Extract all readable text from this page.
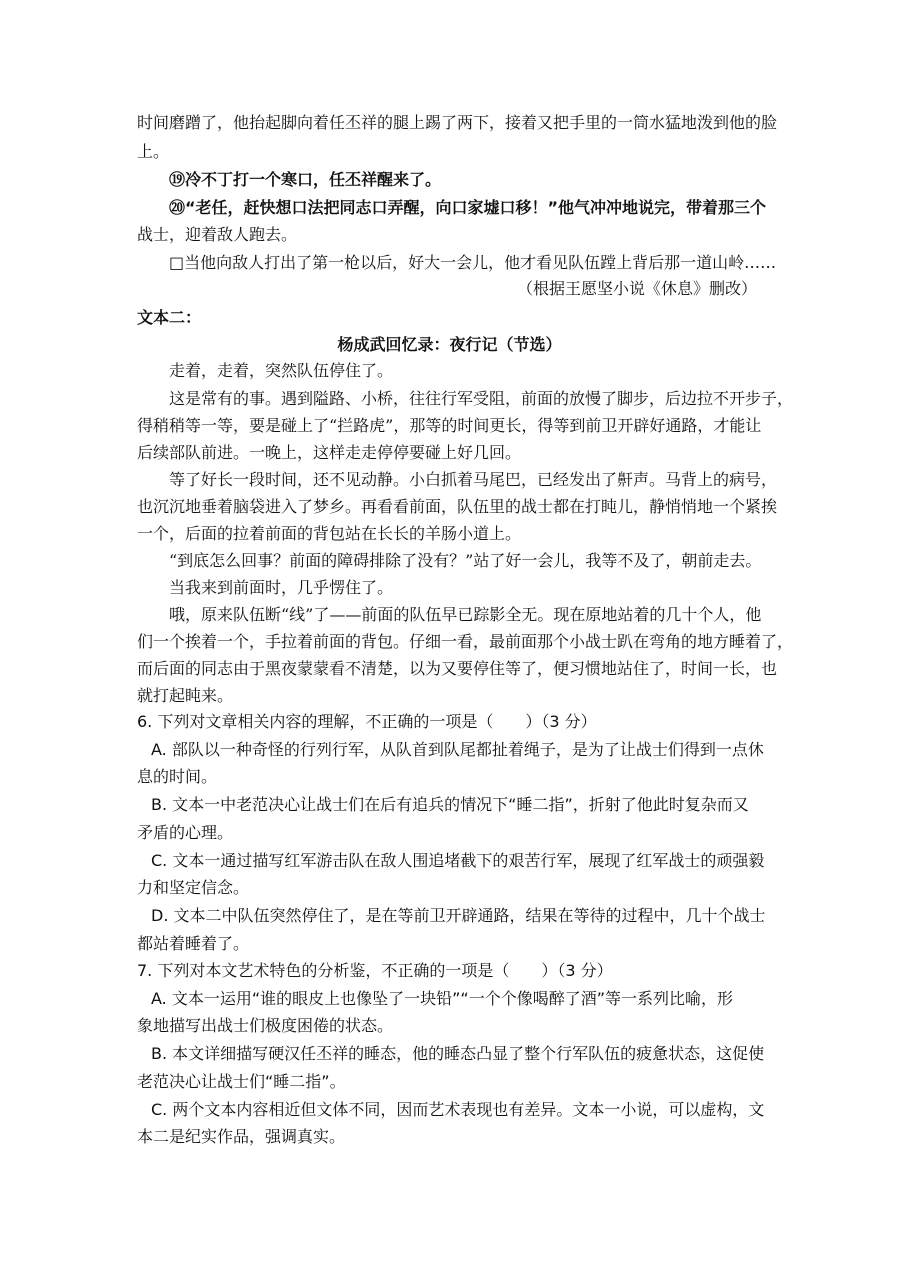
时间磨蹭了，他抬起脚向着任丕祥的腿上踢了两下，接着又把手里的一筒水猛地泼到他的脸
上。
⑲冷不丁打一个寒口，任丕祥醒来了。
⑳“老任，赶快想口法把同志口弄醒，向口家墟口移！”他气冲冲地说完，带着那三个
战士，迎着敌人跑去。
□当他向敌人打出了第一枪以后，好大一会儿，他才看见队伍蹚上背后那一道山岭……
（根据王愿坚小说《休息》删改）
文本二：
杨成武回忆录：夜行记（节选）
走着，走着，突然队伍停住了。
这是常有的事。遇到隘路、小桥，往往行军受阻，前面的放慢了脚步，后边拉不开步子，
得稍稍等一等，要是碰上了“拦路虎”，那等的时间更长，得等到前卫开辟好通路，才能让
后续部队前进。一晚上，这样走走停停要碰上好几回。
等了好长一段时间，还不见动静。小白抓着马尾巴，已经发出了鼾声。马背上的病号，
也沉沉地垂着脑袋进入了梦乡。再看看前面，队伍里的战士都在打盹儿，静悄悄地一个紧挨
一个，后面的拉着前面的背包站在长长的羊肠小道上。
“到底怎么回事？前面的障碍排除了没有？”站了好一会儿，我等不及了，朝前走去。
当我来到前面时，几乎愣住了。
哦，原来队伍断“线”了——前面的队伍早已踪影全无。现在原地站着的几十个人，他
们一个挨着一个，手拉着前面的背包。仔细一看，最前面那个小战士趴在弯角的地方睡着了，
而后面的同志由于黑夜蒙蒙看不清楚，以为又要停住等了，便习惯地站住了，时间一长，也
就打起盹来。
6. 下列对文章相关内容的理解，不正确的一项是（　　）（3 分）
A. 部队以一种奇怪的行列行军，从队首到队尾都扯着绳子，是为了让战士们得到一点休
息的时间。
B. 文本一中老范决心让战士们在后有追兵的情况下“睡二指”，折射了他此时复杂而又
矛盾的心理。
C. 文本一通过描写红军游击队在敌人围追堵截下的艰苦行军，展现了红军战士的顽强毅
力和坚定信念。
D. 文本二中队伍突然停住了，是在等前卫开辟通路，结果在等待的过程中，几十个战士
都站着睡着了。
7. 下列对本文艺术特色的分析鉴，不正确的一项是（　　）（3 分）
A. 文本一运用“谁的眼皮上也像坠了一块铅”“一个个像喝醉了酒”等一系列比喻，形
象地描写出战士们极度困倦的状态。
B. 本文详细描写硬汉任丕祥的睡态，他的睡态凸显了整个行军队伍的疲惫状态，这促使
老范决心让战士们“睡二指”。
C. 两个文本内容相近但文体不同，因而艺术表现也有差异。文本一小说，可以虚构，文
本二是纪实作品，强调真实。
